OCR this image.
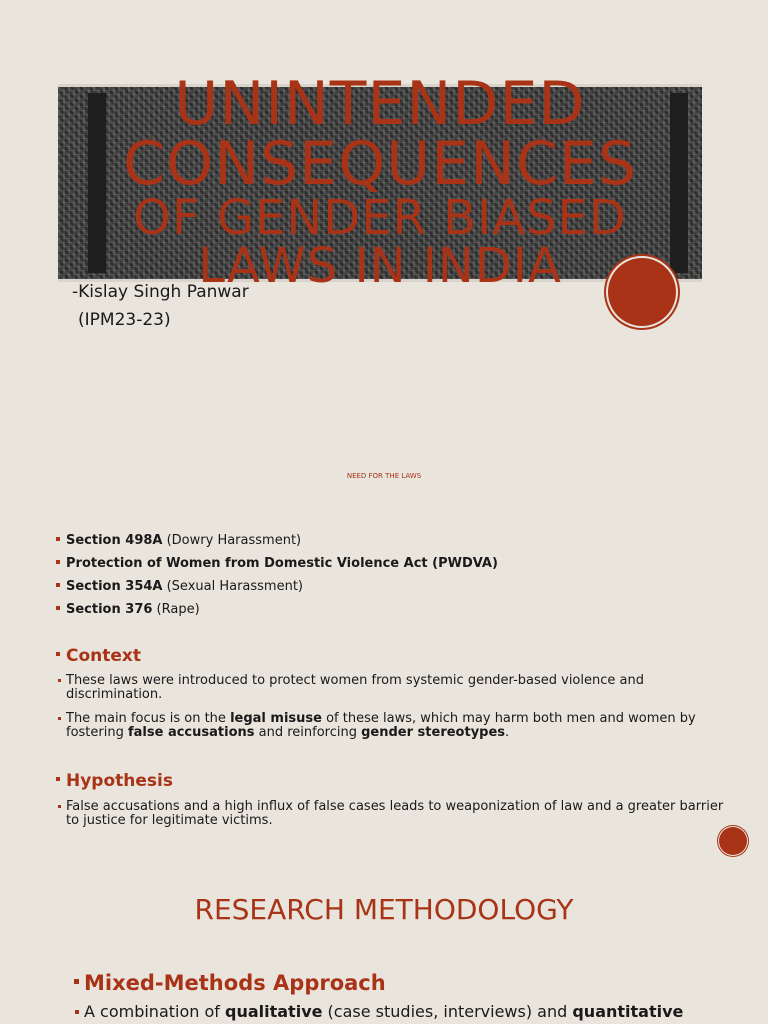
UNINTENDED

CONSEQUENCES

OF GENDER BIASED

LAWS IN INDIA

-Kislay Singh Panwar
(IPM23-23)
NEED FOR THE LAWS
Section 498A (Dowry Harassment)
Protection of Women from Domestic Violence Act (PWDVA)
Section 354A (Sexual Harassment)
Section 376 (Rape)
Context
These laws were introduced to protect women from systemic gender-based violence and discrimination.
The main focus is on the legal misuse of these laws, which may harm both men and women by fostering false accusations and reinforcing gender stereotypes.
Hypothesis
False accusations and a high influx of false cases leads to weaponization of law and a greater barrier to justice for legitimate victims.
RESEARCH METHODOLOGY
Mixed-Methods Approach
A combination of qualitative (case studies, interviews) and quantitative
